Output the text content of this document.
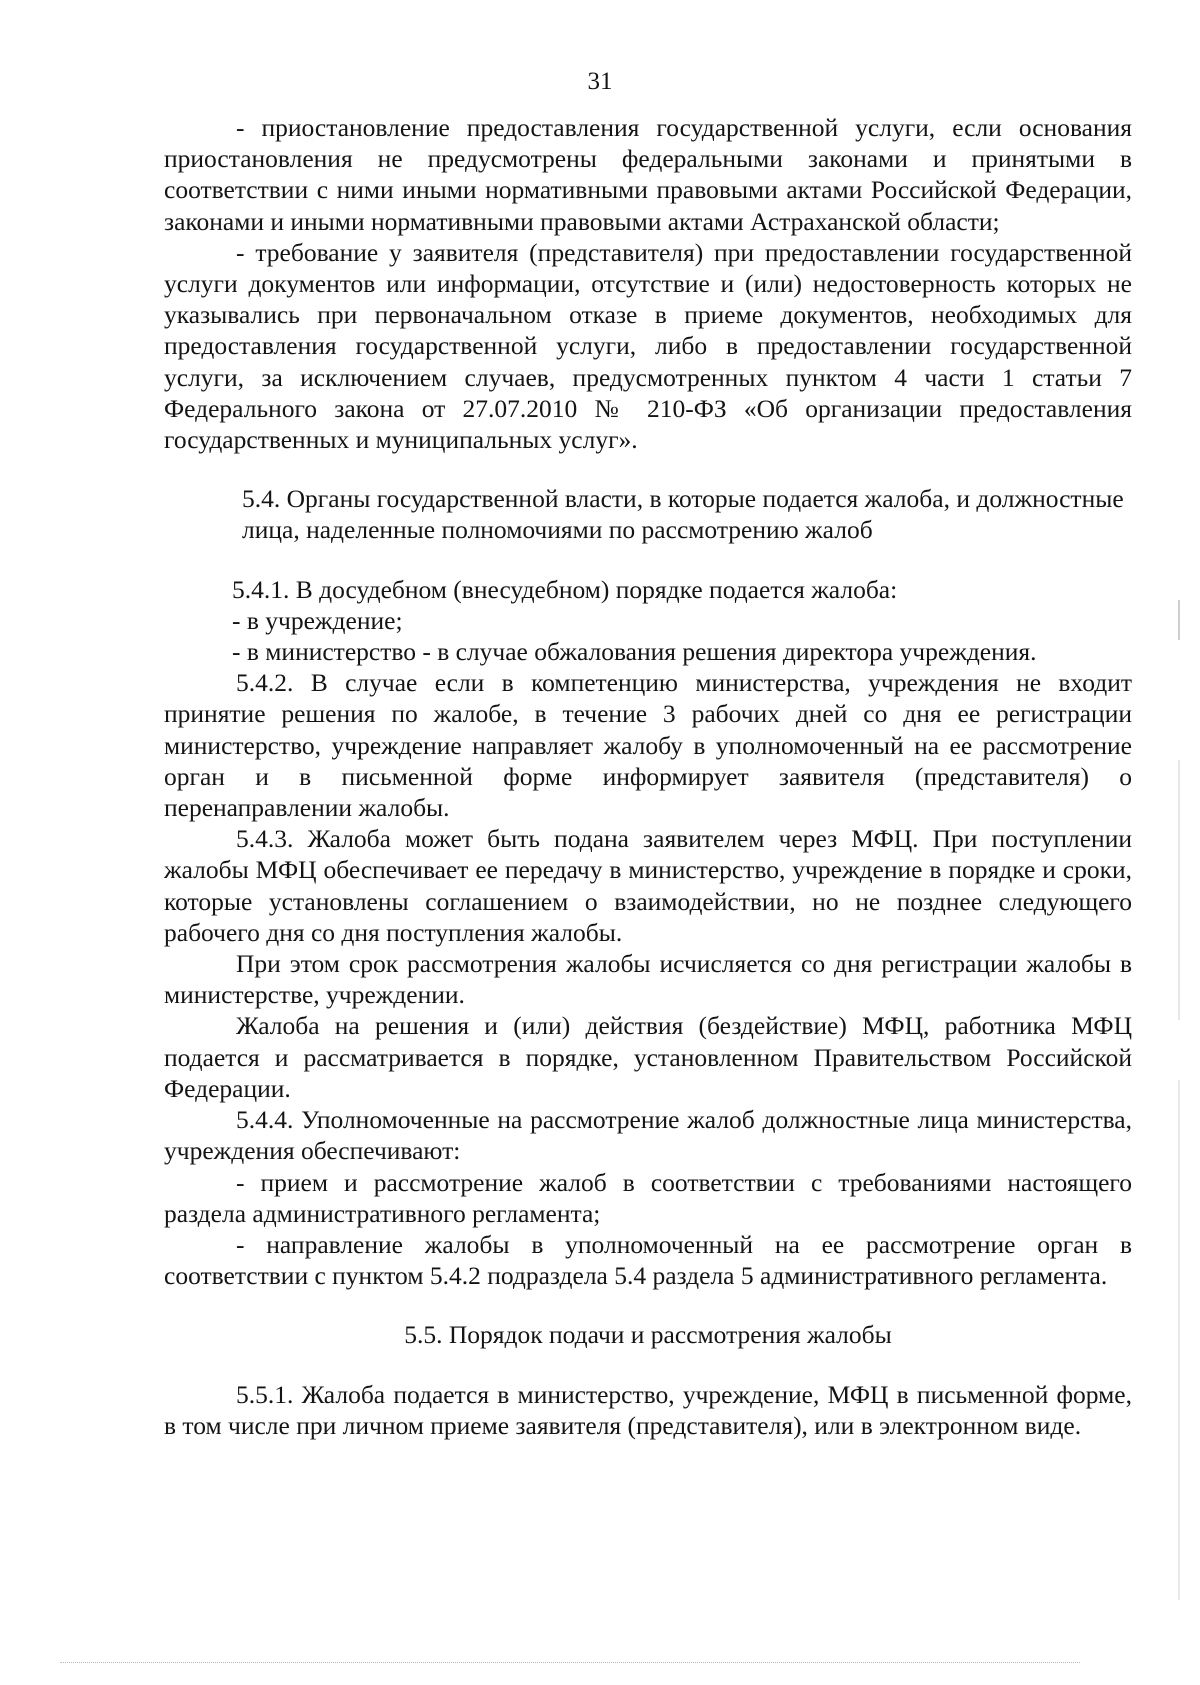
31

- приостановление предоставления государственной услуги, если основания приостановления не предусмотрены федеральными законами и принятыми в соответствии с ними иными нормативными правовыми актами Российской Федерации, законами и иными нормативными правовыми актами Астраханской области;

- требование у заявителя (представителя) при предоставлении государственной услуги документов или информации, отсутствие и (или) недостоверность которых не указывались при первоначальном отказе в приеме документов, необходимых для предоставления государственной услуги, либо в предоставлении государственной услуги, за исключением случаев, предусмотренных пунктом 4 части 1 статьи 7 Федерального закона от 27.07.2010 № 210-ФЗ «Об организации предоставления государственных и муниципальных услуг».

5.4. Органы государственной власти, в которые подается жалоба, и должностные лица, наделенные полномочиями по рассмотрению жалоб

5.4.1. В досудебном (внесудебном) порядке подается жалоба:

- в учреждение;

- в министерство - в случае обжалования решения директора учреждения.

5.4.2. В случае если в компетенцию министерства, учреждения не входит принятие решения по жалобе, в течение 3 рабочих дней со дня ее регистрации министерство, учреждение направляет жалобу в уполномоченный на ее рассмотрение орган и в письменной форме информирует заявителя (представителя) о перенаправлении жалобы.

5.4.3. Жалоба может быть подана заявителем через МФЦ. При поступлении жалобы МФЦ обеспечивает ее передачу в министерство, учреждение в порядке и сроки, которые установлены соглашением о взаимодействии, но не позднее следующего рабочего дня со дня поступления жалобы.

При этом срок рассмотрения жалобы исчисляется со дня регистрации жалобы в министерстве, учреждении.

Жалоба на решения и (или) действия (бездействие) МФЦ, работника МФЦ подается и рассматривается в порядке, установленном Правительством Российской Федерации.

5.4.4. Уполномоченные на рассмотрение жалоб должностные лица министерства, учреждения обеспечивают:

- прием и рассмотрение жалоб в соответствии с требованиями настоящего раздела административного регламента;

- направление жалобы в уполномоченный на ее рассмотрение орган в соответствии с пунктом 5.4.2 подраздела 5.4 раздела 5 административного регламента.

5.5. Порядок подачи и рассмотрения жалобы

5.5.1. Жалоба подается в министерство, учреждение, МФЦ в письменной форме, в том числе при личном приеме заявителя (представителя), или в электронном виде.
